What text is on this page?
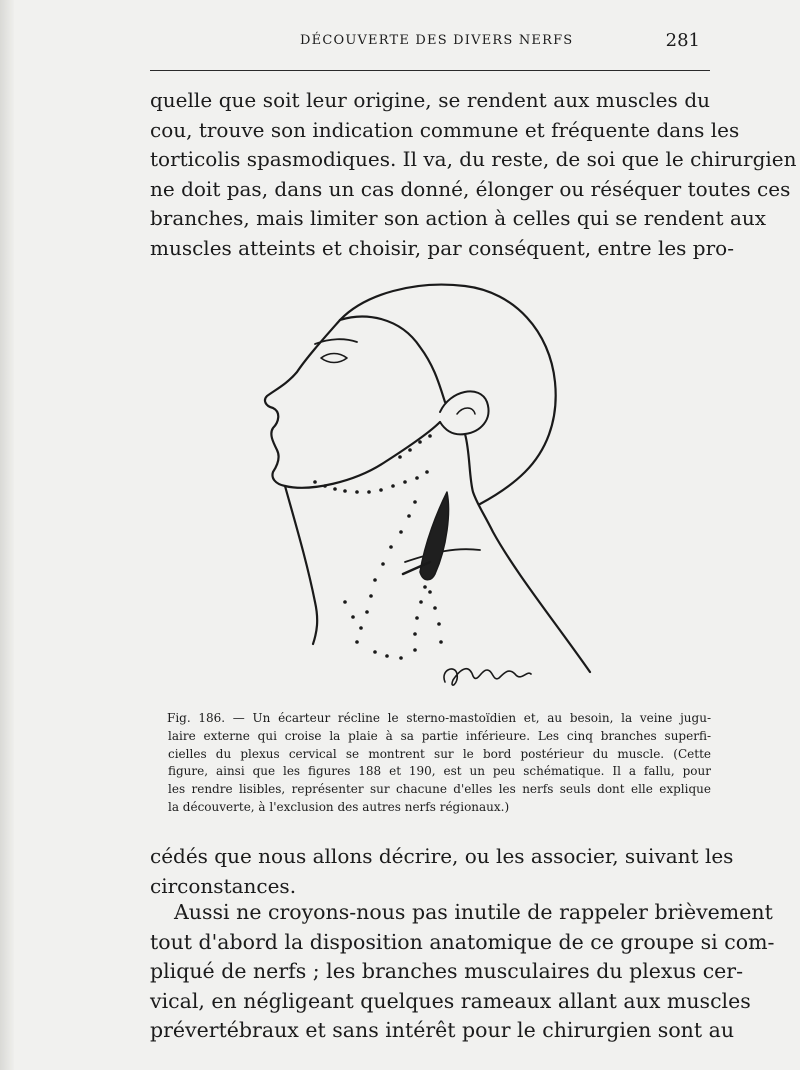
DÉCOUVERTE DES DIVERS NERFS	281
quelle que soit leur origine, se rendent aux muscles du
cou, trouve son indication commune et fréquente dans les
torticolis spasmodiques. Il va, du reste, de soi que le chirurgien
ne doit pas, dans un cas donné, élonger ou réséquer toutes ces
branches, mais limiter son action à celles qui se rendent aux
muscles atteints et choisir, par conséquent, entre les pro-
Fig. 186. — Un écarteur récline le sterno-mastoïdien et, au besoin, la veine jugu-
laire externe qui croise la plaie à sa partie inférieure. Les cinq branches superfi-
cielles du plexus cervical se montrent sur le bord postérieur du muscle. (Cette
figure, ainsi que les figures 188 et 190, est un peu schématique. Il a fallu, pour
les rendre lisibles, représenter sur chacune d'elles les nerfs seuls dont elle explique
la découverte, à l'exclusion des autres nerfs régionaux.)
cédés que nous allons décrire, ou les associer, suivant les
circonstances.
Aussi ne croyons-nous pas inutile de rappeler brièvement
tout d'abord la disposition anatomique de ce groupe si com-
pliqué de nerfs ; les branches musculaires du plexus cer-
vical, en négligeant quelques rameaux allant aux muscles
prévertébraux et sans intérêt pour le chirurgien sont au
